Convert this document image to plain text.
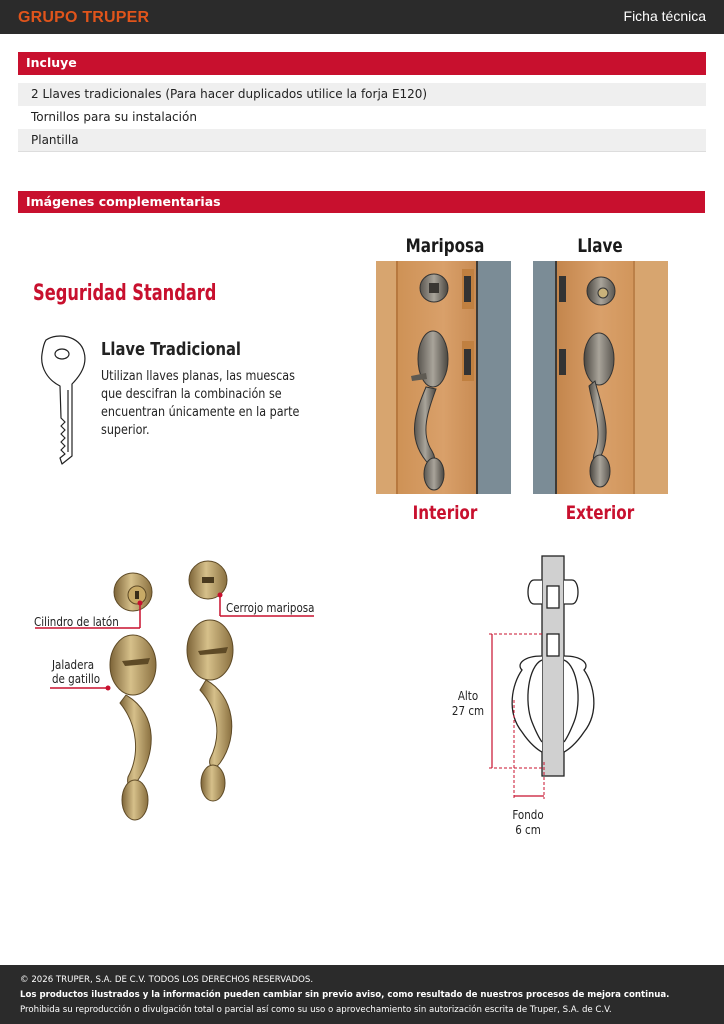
GRUPO TRUPER	Ficha técnica
Incluye
2 Llaves tradicionales (Para hacer duplicados utilice la forja E120)
Tornillos para su instalación
Plantilla
Imágenes complementarias
Seguridad Standard
Llave Tradicional
Utilizan llaves planas, las muescas que descifran la combinación se encuentran únicamente en la parte superior.
Mariposa	Llave
Interior	Exterior
Cilindro de latón
Cerrojo mariposa
Jaladera
de gatillo
Alto
27 cm
Fondo
6 cm
© 2026 TRUPER, S.A. DE C.V. TODOS LOS DERECHOS RESERVADOS.
Los productos ilustrados y la información pueden cambiar sin previo aviso, como resultado de nuestros procesos de mejora continua.
Prohibida su reproducción o divulgación total o parcial así como su uso o aprovechamiento sin autorización escrita de Truper, S.A. de C.V.
